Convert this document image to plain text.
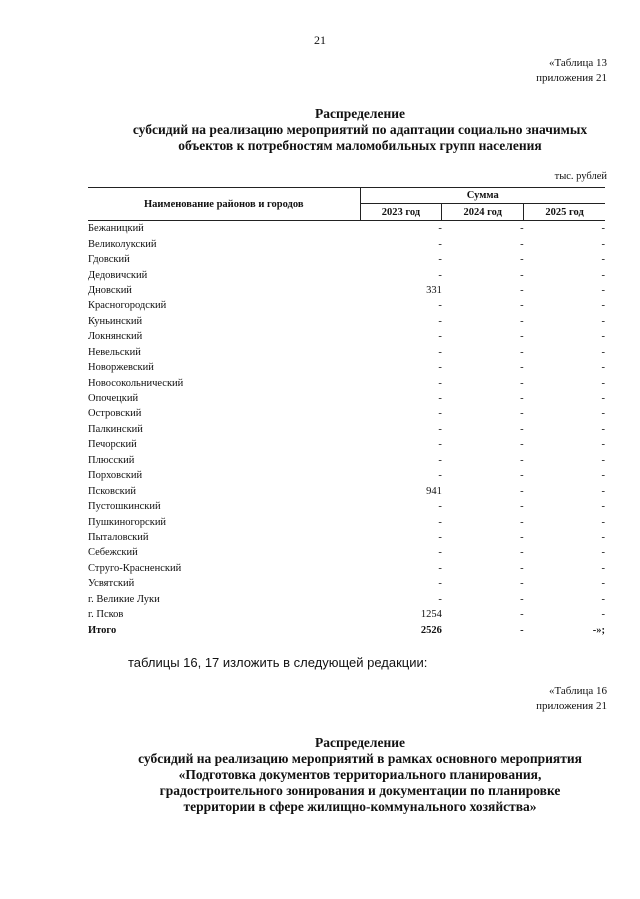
21
«Таблица 13
приложения 21
Распределение
субсидий на реализацию мероприятий по адаптации социально значимых
объектов к потребностям маломобильных групп населения
тыс. рублей
Наименование районов и городов	Сумма		
	2023 год	2024 год	2025 год
Бежаницкий	-	-	-
Великолукский	-	-	-
Гдовский	-	-	-
Дедовичский	-	-	-
Дновский	331	-	-
Красногородский	-	-	-
Куньинский	-	-	-
Локнянский	-	-	-
Невельский	-	-	-
Новоржевский	-	-	-
Новосокольнический	-	-	-
Опочецкий	-	-	-
Островский	-	-	-
Палкинский	-	-	-
Печорский	-	-	-
Плюсский	-	-	-
Порховский	-	-	-
Псковский	941	-	-
Пустошкинский	-	-	-
Пушкиногорский	-	-	-
Пыталовский	-	-	-
Себежский	-	-	-
Струго-Красненский	-	-	-
Усвятский	-	-	-
г. Великие Луки	-	-	-
г. Псков	1254	-	-
Итого	2526	-	-»;
таблицы 16, 17 изложить в следующей редакции:
«Таблица 16
приложения 21
Распределение
субсидий на реализацию мероприятий в рамках основного мероприятия
«Подготовка документов территориального планирования,
градостроительного зонирования и документации по планировке
территории в сфере жилищно-коммунального хозяйства»
